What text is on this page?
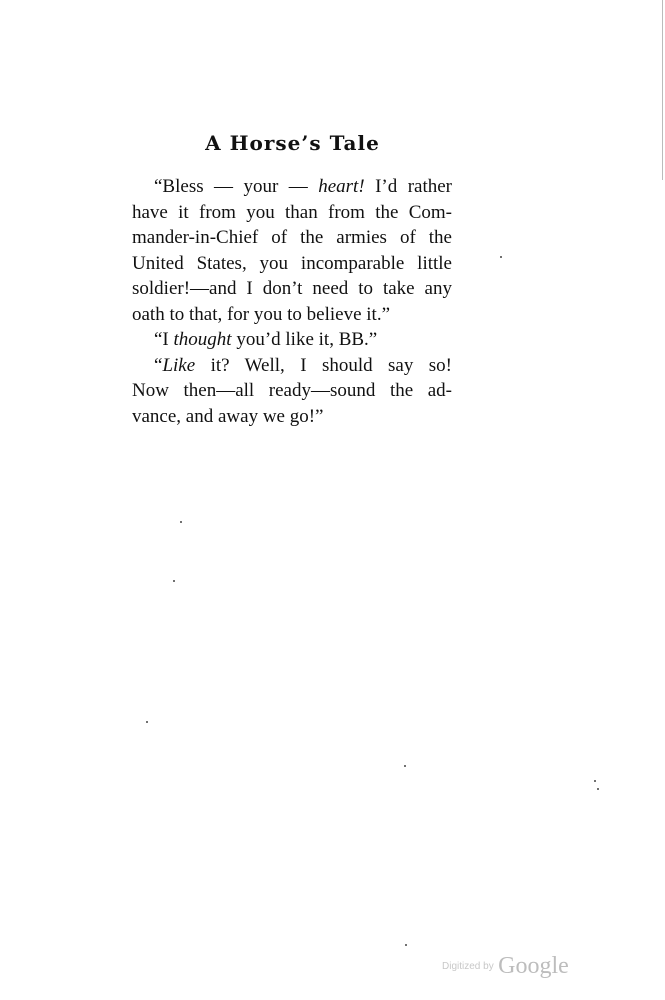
A Horse’s Tale
“Bless — your — heart! I’d rather
have it from you than from the Com-
mander-in-Chief of the armies of the
United States, you incomparable little
soldier!—and I don’t need to take any
oath to that, for you to believe it.”
“I thought you’d like it, BB.”
“Like it? Well, I should say so!
Now then—all ready—sound the ad-
vance, and away we go!”
$^{Digitized by}$ Google
